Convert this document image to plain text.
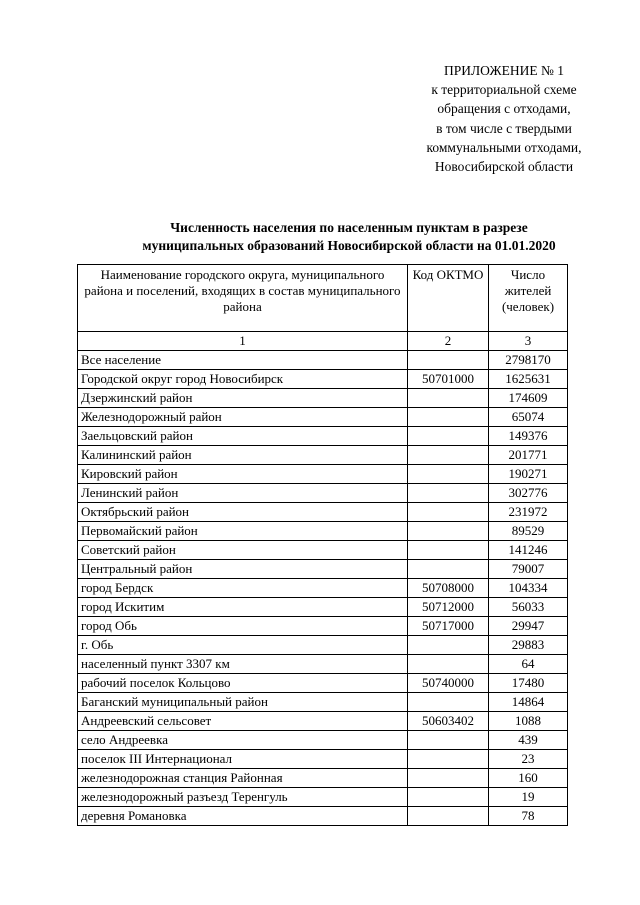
ПРИЛОЖЕНИЕ № 1
к территориальной схеме
обращения с отходами,
в том числе с твердыми
коммунальными отходами,
Новосибирской области
Численность населения по населенным пунктам в разрезе
муниципальных образований Новосибирской области на 01.01.2020
Наименование городского округа, муниципального района и поселений, входящих в состав муниципального района	Код ОКТМО	Число жителей (человек)
1	2	3
Все население		2798170
Городской округ город Новосибирск	50701000	1625631
Дзержинский район		174609
Железнодорожный район		65074
Заельцовский район		149376
Калининский район		201771
Кировский район		190271
Ленинский район		302776
Октябрьский район		231972
Первомайский район		89529
Советский район		141246
Центральный район		79007
город Бердск	50708000	104334
город Искитим	50712000	56033
город Обь	50717000	29947
г. Обь		29883
населенный пункт 3307 км		64
рабочий поселок Кольцово	50740000	17480
Баганский муниципальный район		14864
Андреевский сельсовет	50603402	1088
село Андреевка		439
поселок III Интернационал		23
железнодорожная станция Районная		160
железнодорожный разъезд Теренгуль		19
деревня Романовка		78
